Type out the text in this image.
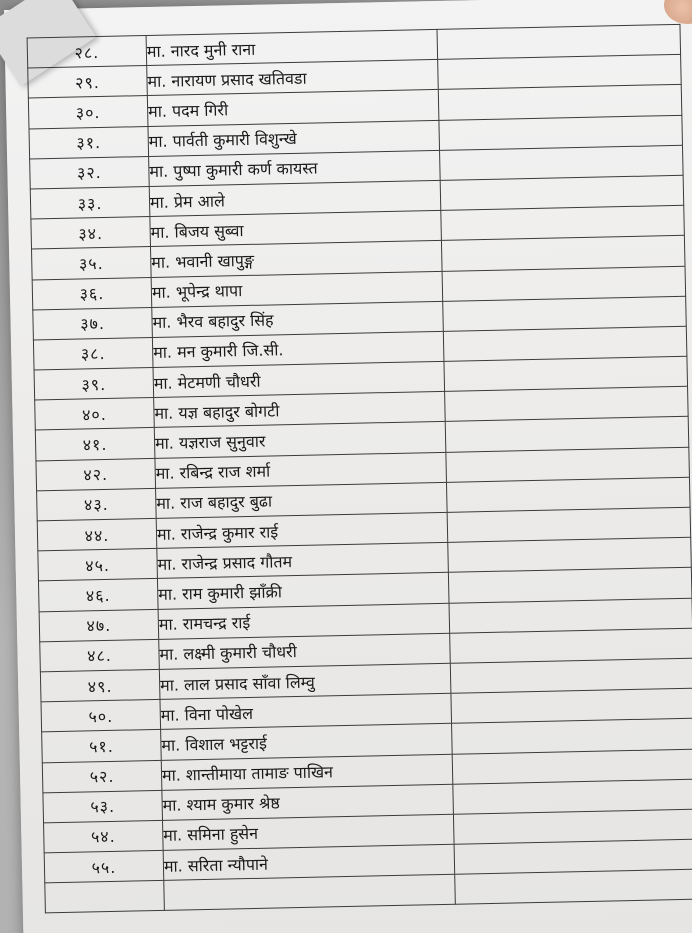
२८.	मा. नारद मुनी राना	
२९.	मा. नारायण प्रसाद खतिवडा	
३०.	मा. पदम गिरी	
३१.	मा. पार्वती कुमारी विशुन्खे	
३२.	मा. पुष्पा कुमारी कर्ण कायस्त	
३३.	मा. प्रेम आले	
३४.	मा. बिजय सुब्वा	
३५.	मा. भवानी खापुङ्ग	
३६.	मा. भूपेन्द्र थापा	
३७.	मा. भैरव बहादुर सिंह	
३८.	मा. मन कुमारी जि.सी.	
३९.	मा. मेटमणी चौधरी	
४०.	मा. यज्ञ बहादुर बोगटी	
४१.	मा. यज्ञराज सुनुवार	
४२.	मा. रबिन्द्र राज शर्मा	
४३.	मा. राज बहादुर बुढा	
४४.	मा. राजेन्द्र कुमार राई	
४५.	मा. राजेन्द्र प्रसाद गौतम	
४६.	मा. राम कुमारी झाँक्री	
४७.	मा. रामचन्द्र राई	
४८.	मा. लक्ष्मी कुमारी चौधरी	
४९.	मा. लाल प्रसाद साँवा लिम्वु	
५०.	मा. विना पोखेल	
५१.	मा. विशाल भट्टराई	
५२.	मा. शान्तीमाया तामाङ पाखिन	
५३.	मा. श्याम कुमार श्रेष्ठ	
५४.	मा. समिना हुसेन	
५५.	मा. सरिता न्यौपाने	
